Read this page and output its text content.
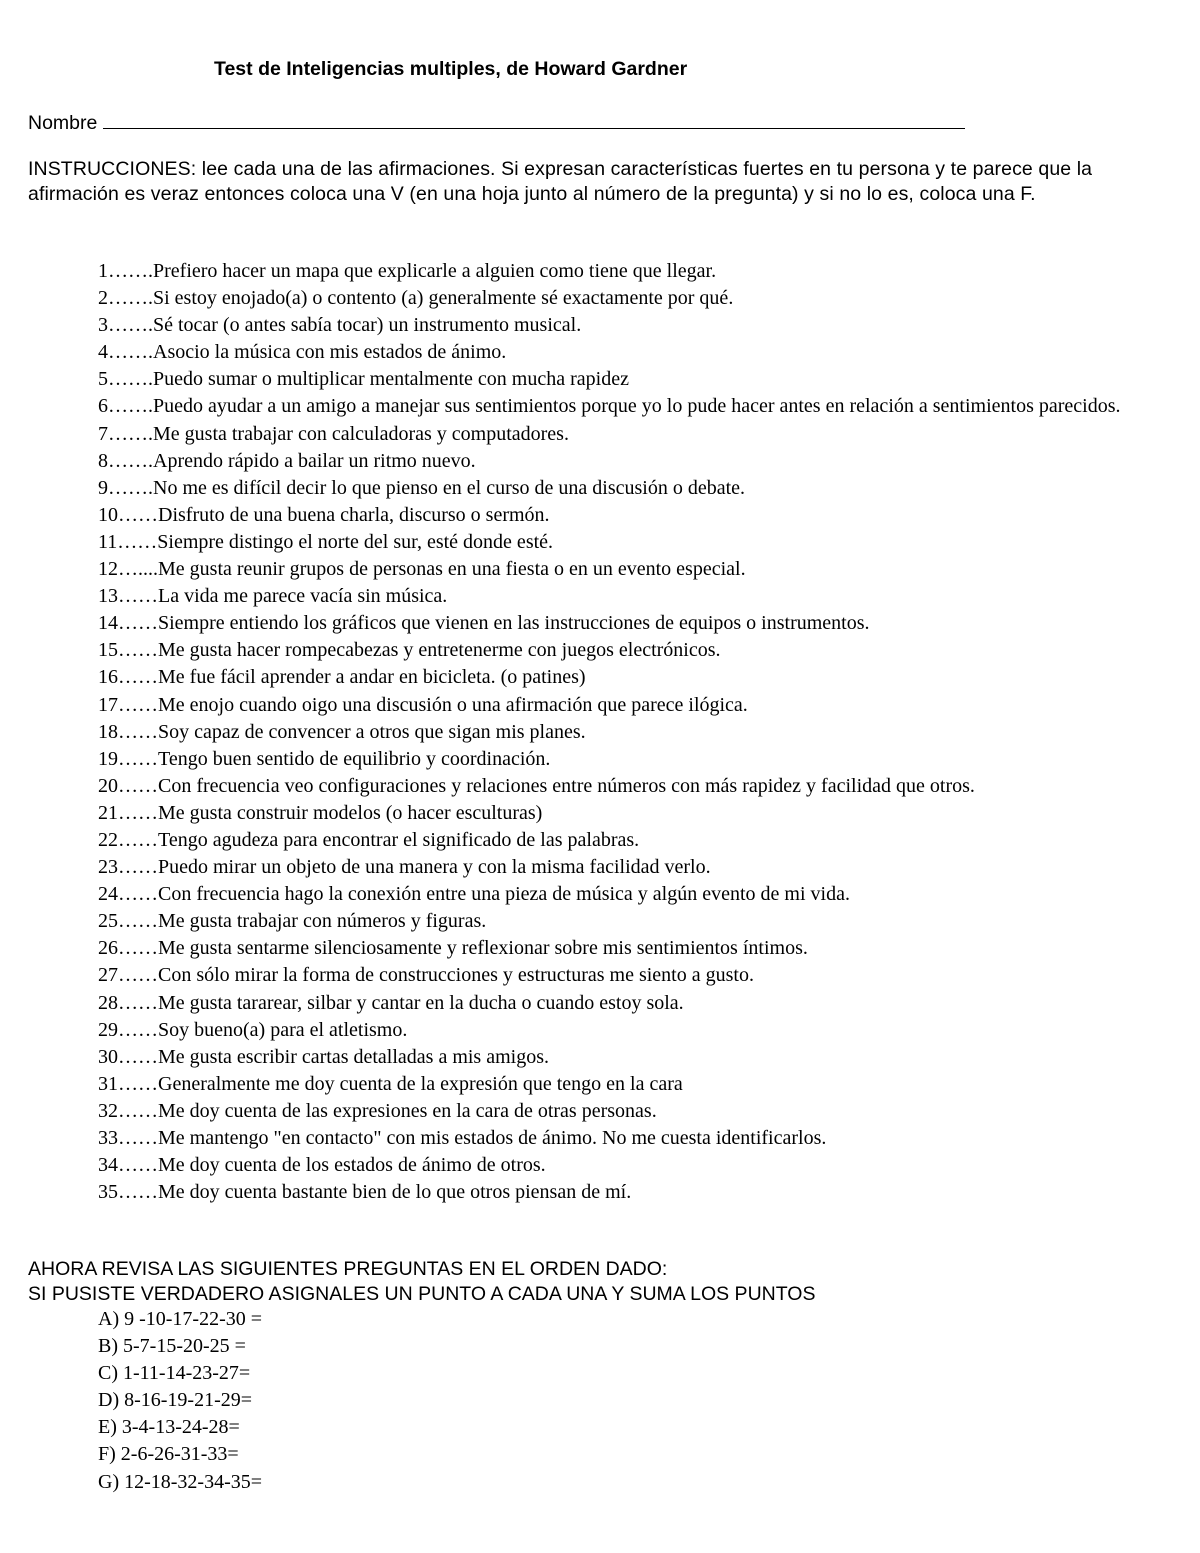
Test de Inteligencias multiples, de Howard Gardner
Nombre
INSTRUCCIONES: lee cada una de las afirmaciones. Si expresan características fuertes en tu persona y te parece que la afirmación es veraz entonces coloca una V (en una hoja junto al número de la pregunta) y si no lo es, coloca una F.
1…….Prefiero hacer un mapa que explicarle a alguien como tiene que llegar.
2…….Si estoy enojado(a) o contento (a) generalmente sé exactamente por qué.
3…….Sé tocar (o antes sabía tocar) un instrumento musical.
4…….Asocio la música con mis estados de ánimo.
5…….Puedo sumar o multiplicar mentalmente con mucha rapidez
6…….Puedo ayudar a un amigo a manejar sus sentimientos porque yo lo pude hacer antes en relación a sentimientos parecidos.
7…….Me gusta trabajar con calculadoras y computadores.
8…….Aprendo rápido a bailar un ritmo nuevo.
9…….No me es difícil decir lo que pienso en el curso de una discusión o debate.
10……Disfruto de una buena charla, discurso o sermón.
11……Siempre distingo el norte del sur, esté donde esté.
12…....Me gusta reunir grupos de personas en una fiesta o en un evento especial.
13……La vida me parece vacía sin música.
14……Siempre entiendo los gráficos que vienen en las instrucciones de equipos o instrumentos.
15……Me gusta hacer rompecabezas y entretenerme con juegos electrónicos.
16……Me fue fácil aprender a andar en bicicleta. (o patines)
17……Me enojo cuando oigo una discusión o una afirmación que parece ilógica.
18……Soy capaz de convencer a otros que sigan mis planes.
19……Tengo buen sentido de equilibrio y coordinación.
20……Con frecuencia veo configuraciones y relaciones entre números con más rapidez y facilidad que otros.
21……Me gusta construir modelos (o hacer esculturas)
22……Tengo agudeza para encontrar el significado de las palabras.
23……Puedo mirar un objeto de una manera y con la misma facilidad verlo.
24……Con frecuencia hago la conexión entre una pieza de música y algún evento de mi vida.
25……Me gusta trabajar con números y figuras.
26……Me gusta sentarme silenciosamente y reflexionar sobre mis sentimientos íntimos.
27……Con sólo mirar la forma de construcciones y estructuras me siento a gusto.
28……Me gusta tararear, silbar y cantar en la ducha o cuando estoy sola.
29……Soy bueno(a) para el atletismo.
30……Me gusta escribir cartas detalladas a mis amigos.
31……Generalmente me doy cuenta de la expresión que tengo en la cara
32……Me doy cuenta de las expresiones en la cara de otras personas.
33……Me mantengo "en contacto" con mis estados de ánimo. No me cuesta identificarlos.
34……Me doy cuenta de los estados de ánimo de otros.
35……Me doy cuenta bastante bien de lo que otros piensan de mí.
AHORA REVISA LAS SIGUIENTES PREGUNTAS EN EL ORDEN DADO:
SI PUSISTE VERDADERO ASIGNALES UN PUNTO A CADA UNA Y SUMA LOS PUNTOS
A) 9 -10-17-22-30 =
B) 5-7-15-20-25 =
C) 1-11-14-23-27=
D) 8-16-19-21-29=
E) 3-4-13-24-28=
F) 2-6-26-31-33=
G) 12-18-32-34-35=
